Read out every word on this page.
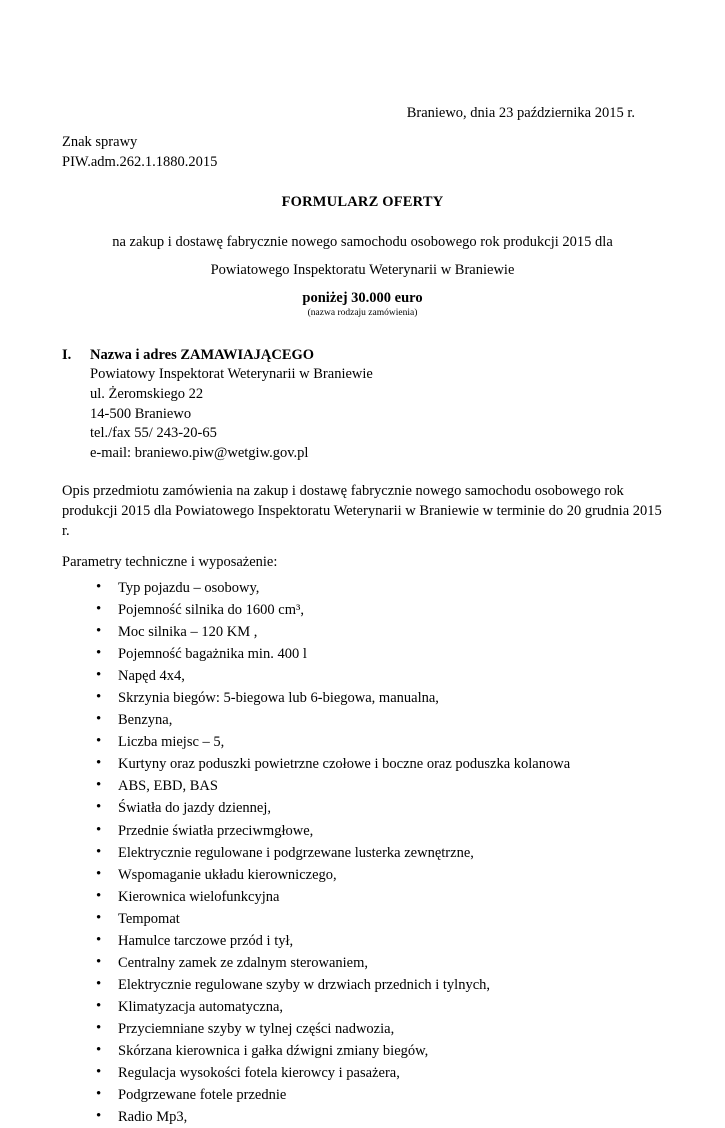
Braniewo, dnia 23 października 2015 r.
Znak sprawy
PIW.adm.262.1.1880.2015
FORMULARZ OFERTY
na zakup i dostawę fabrycznie nowego samochodu osobowego rok produkcji 2015 dla
Powiatowego Inspektoratu Weterynarii w Braniewie
poniżej 30.000 euro
(nazwa rodzaju zamówienia)
I.	Nazwa i adres ZAMAWIAJĄCEGO
Powiatowy Inspektorat Weterynarii w Braniewie
ul. Żeromskiego 22
14-500 Braniewo
tel./fax 55/ 243-20-65
e-mail: braniewo.piw@wetgiw.gov.pl
Opis przedmiotu zamówienia na zakup i dostawę fabrycznie nowego samochodu osobowego rok produkcji 2015 dla Powiatowego Inspektoratu Weterynarii w Braniewie w terminie do 20 grudnia 2015 r.
Parametry techniczne i wyposażenie:
• Typ pojazdu – osobowy,
• Pojemność silnika do 1600 cm³,
• Moc silnika – 120 KM ,
• Pojemność bagażnika min. 400 l
• Napęd 4x4,
• Skrzynia biegów: 5-biegowa lub 6-biegowa, manualna,
• Benzyna,
• Liczba miejsc – 5,
• Kurtyny oraz poduszki powietrzne czołowe i boczne oraz poduszka kolanowa
• ABS, EBD, BAS
• Światła do jazdy dziennej,
• Przednie światła przeciwmgłowe,
• Elektrycznie regulowane i podgrzewane lusterka zewnętrzne,
• Wspomaganie układu kierowniczego,
• Kierownica wielofunkcyjna
• Tempomat
• Hamulce tarczowe przód i tył,
• Centralny zamek ze zdalnym sterowaniem,
• Elektrycznie regulowane szyby w drzwiach przednich i tylnych,
• Klimatyzacja automatyczna,
• Przyciemniane szyby w tylnej części nadwozia,
• Skórzana kierownica i gałka dźwigni zmiany biegów,
• Regulacja wysokości fotela kierowcy i pasażera,
• Podgrzewane fotele przednie
• Radio Mp3,
